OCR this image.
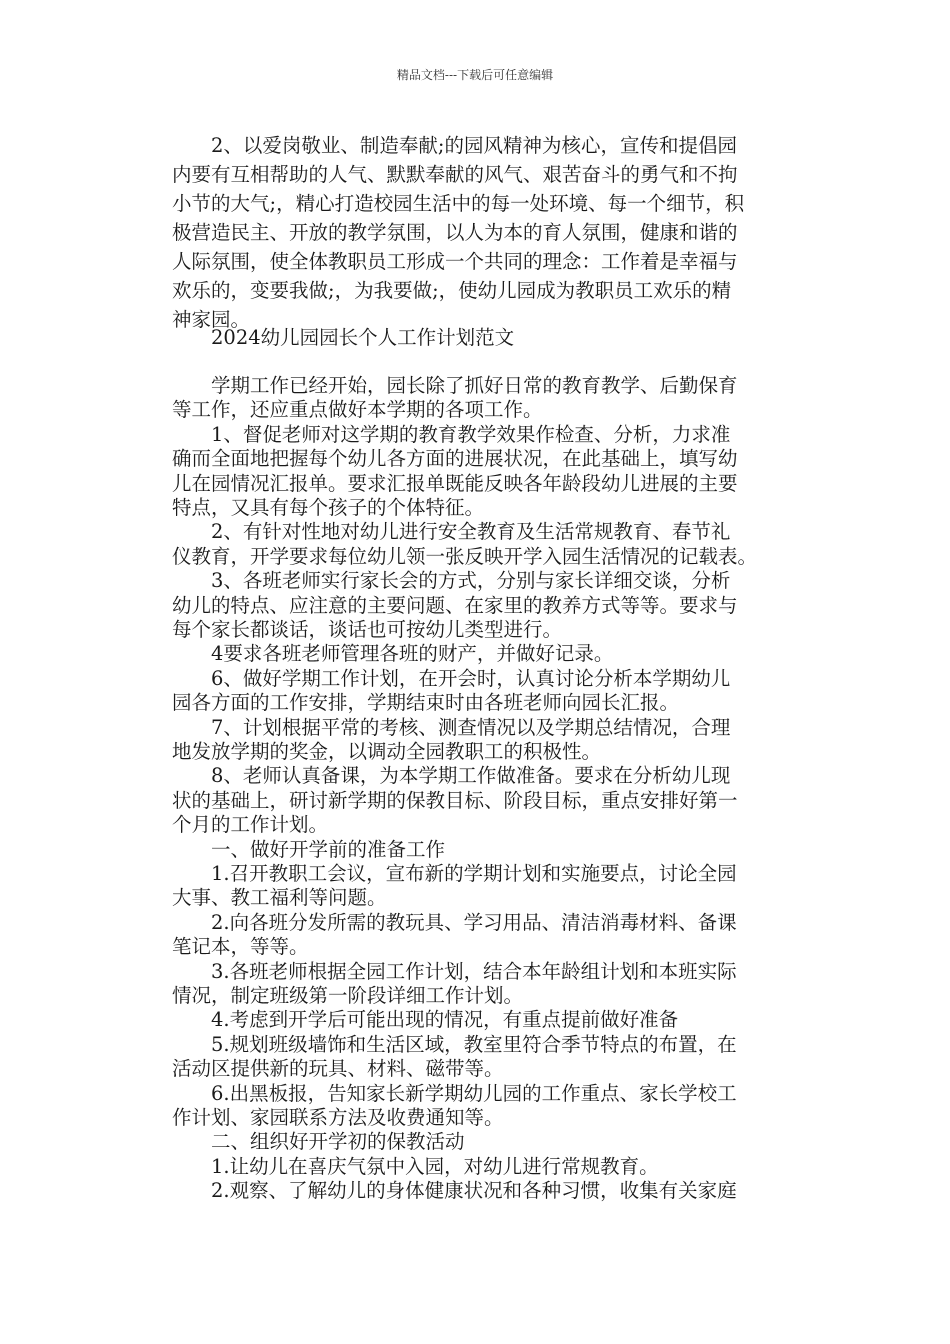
精品文档---下载后可任意编辑
　　2、以爱岗敬业、制造奉献;的园风精神为核心，宣传和提倡园
内要有互相帮助的人气、默默奉献的风气、艰苦奋斗的勇气和不拘
小节的大气;，精心打造校园生活中的每一处环境、每一个细节，积
极营造民主、开放的教学氛围，以人为本的育人氛围，健康和谐的
人际氛围，使全体教职员工形成一个共同的理念：工作着是幸福与
欢乐的，变要我做;，为我要做;，使幼儿园成为教职员工欢乐的精
神家园。
　　2024幼儿园园长个人工作计划范文
　　学期工作已经开始，园长除了抓好日常的教育教学、后勤保育
等工作，还应重点做好本学期的各项工作。
　　1、督促老师对这学期的教育教学效果作检查、分析，力求准
确而全面地把握每个幼儿各方面的进展状况，在此基础上，填写幼
儿在园情况汇报单。要求汇报单既能反映各年龄段幼儿进展的主要
特点，又具有每个孩子的个体特征。
　　2、有针对性地对幼儿进行安全教育及生活常规教育、春节礼
仪教育，开学要求每位幼儿领一张反映开学入园生活情况的记载表。
　　3、各班老师实行家长会的方式，分别与家长详细交谈，分析
幼儿的特点、应注意的主要问题、在家里的教养方式等等。要求与
每个家长都谈话，谈话也可按幼儿类型进行。
　　4要求各班老师管理各班的财产，并做好记录。
　　6、做好学期工作计划，在开会时，认真讨论分析本学期幼儿
园各方面的工作安排，学期结束时由各班老师向园长汇报。
　　7、计划根据平常的考核、测查情况以及学期总结情况，合理
地发放学期的奖金，以调动全园教职工的积极性。
　　8、老师认真备课，为本学期工作做准备。要求在分析幼儿现
状的基础上，研讨新学期的保教目标、阶段目标，重点安排好第一
个月的工作计划。
　　一、做好开学前的准备工作
　　1.召开教职工会议，宣布新的学期计划和实施要点，讨论全园
大事、教工福利等问题。
　　2.向各班分发所需的教玩具、学习用品、清洁消毒材料、备课
笔记本，等等。
　　3.各班老师根据全园工作计划，结合本年龄组计划和本班实际
情况，制定班级第一阶段详细工作计划。
　　4.考虑到开学后可能出现的情况，有重点提前做好准备
　　5.规划班级墙饰和生活区域，教室里符合季节特点的布置，在
活动区提供新的玩具、材料、磁带等。
　　6.出黑板报，告知家长新学期幼儿园的工作重点、家长学校工
作计划、家园联系方法及收费通知等。
　　二、组织好开学初的保教活动
　　1.让幼儿在喜庆气氛中入园，对幼儿进行常规教育。
　　2.观察、了解幼儿的身体健康状况和各种习惯，收集有关家庭
